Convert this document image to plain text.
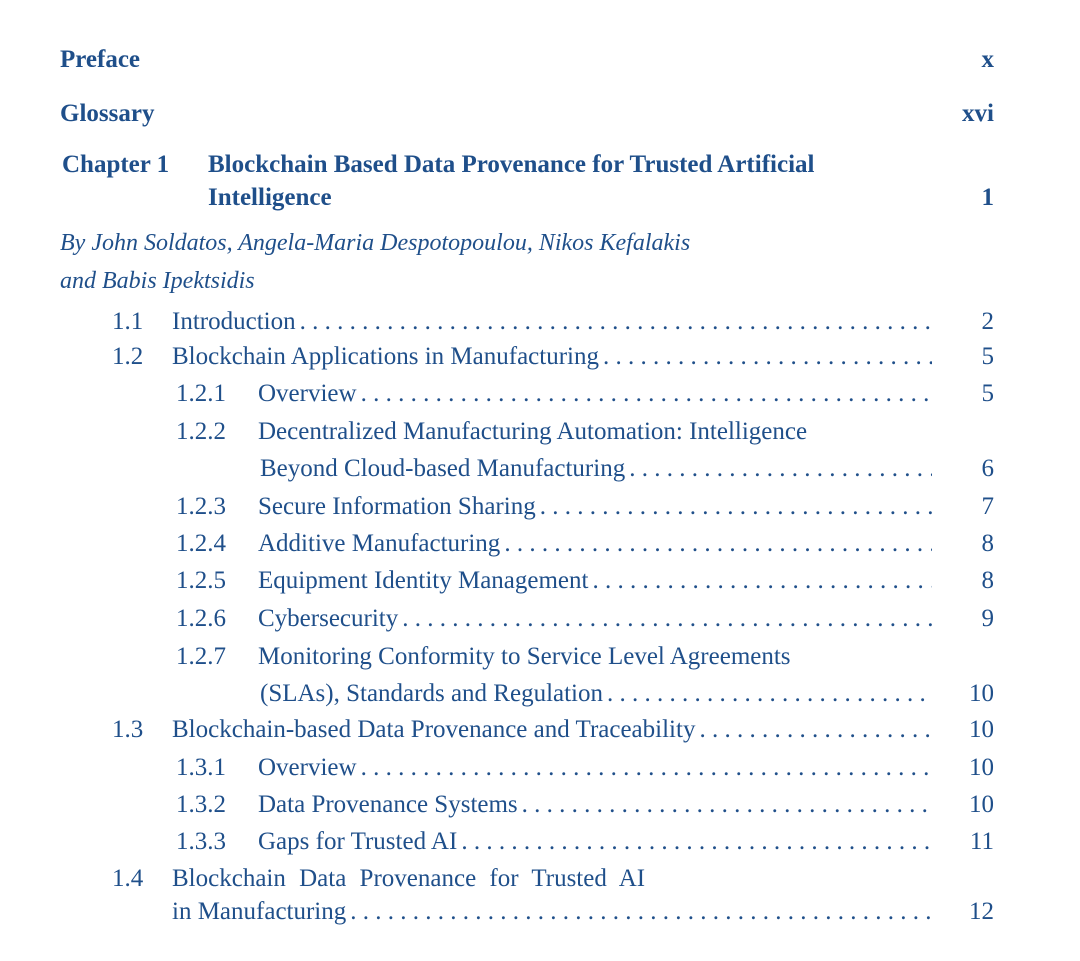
Preface	x
Glossary	xvi
Chapter 1 Blockchain Based Data Provenance for Trusted Artificial
Intelligence	1
By John Soldatos, Angela-Maria Despotopoulou, Nikos Kefalakis
and Babis Ipektsidis
1.1	Introduction . . .	2
1.2	Blockchain Applications in Manufacturing . . .	5
1.2.1	Overview . . .	5
1.2.2 Decentralized Manufacturing Automation: Intelligence
Beyond Cloud-based Manufacturing . . .	6
1.2.3	Secure Information Sharing . . .	7
1.2.4	Additive Manufacturing . . .	8
1.2.5	Equipment Identity Management . . .	8
1.2.6	Cybersecurity . . .	9
1.2.7 Monitoring Conformity to Service Level Agreements
(SLAs), Standards and Regulation . . .	10
1.3	Blockchain-based Data Provenance and Traceability . . .	10
1.3.1	Overview . . .	10
1.3.2	Data Provenance Systems . . .	10
1.3.3	Gaps for Trusted AI . . .	11
1.4 Blockchain Data Provenance for Trusted AI
in Manufacturing . . .	12
